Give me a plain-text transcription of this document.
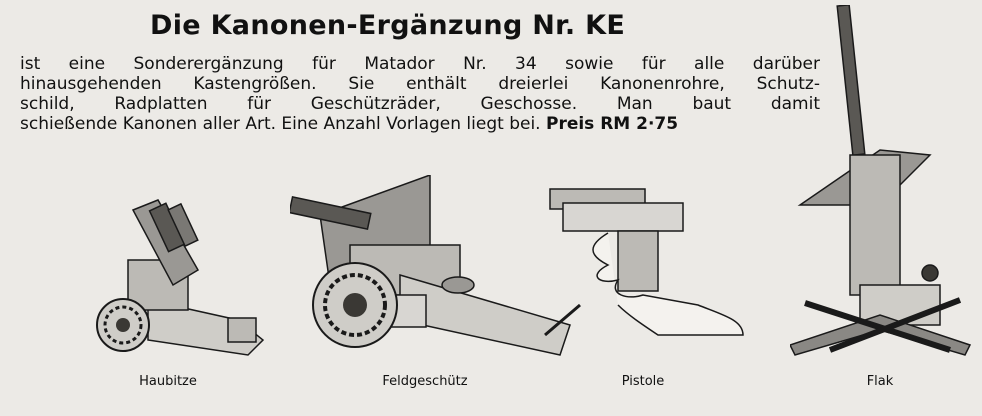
Die Kanonen-Ergänzung Nr. KE
ist eine Sonderergänzung für Matador Nr. 34 sowie für alle darüber
hinausgehenden Kastengrößen. Sie enthält dreierlei Kanonenrohre, Schutz-
schild, Radplatten für Geschützräder, Geschosse. Man baut damit
schießende Kanonen aller Art. Eine Anzahl Vorlagen liegt bei. Preis RM 2·75
Haubitze	Feldgeschütz	Pistole	Flak
